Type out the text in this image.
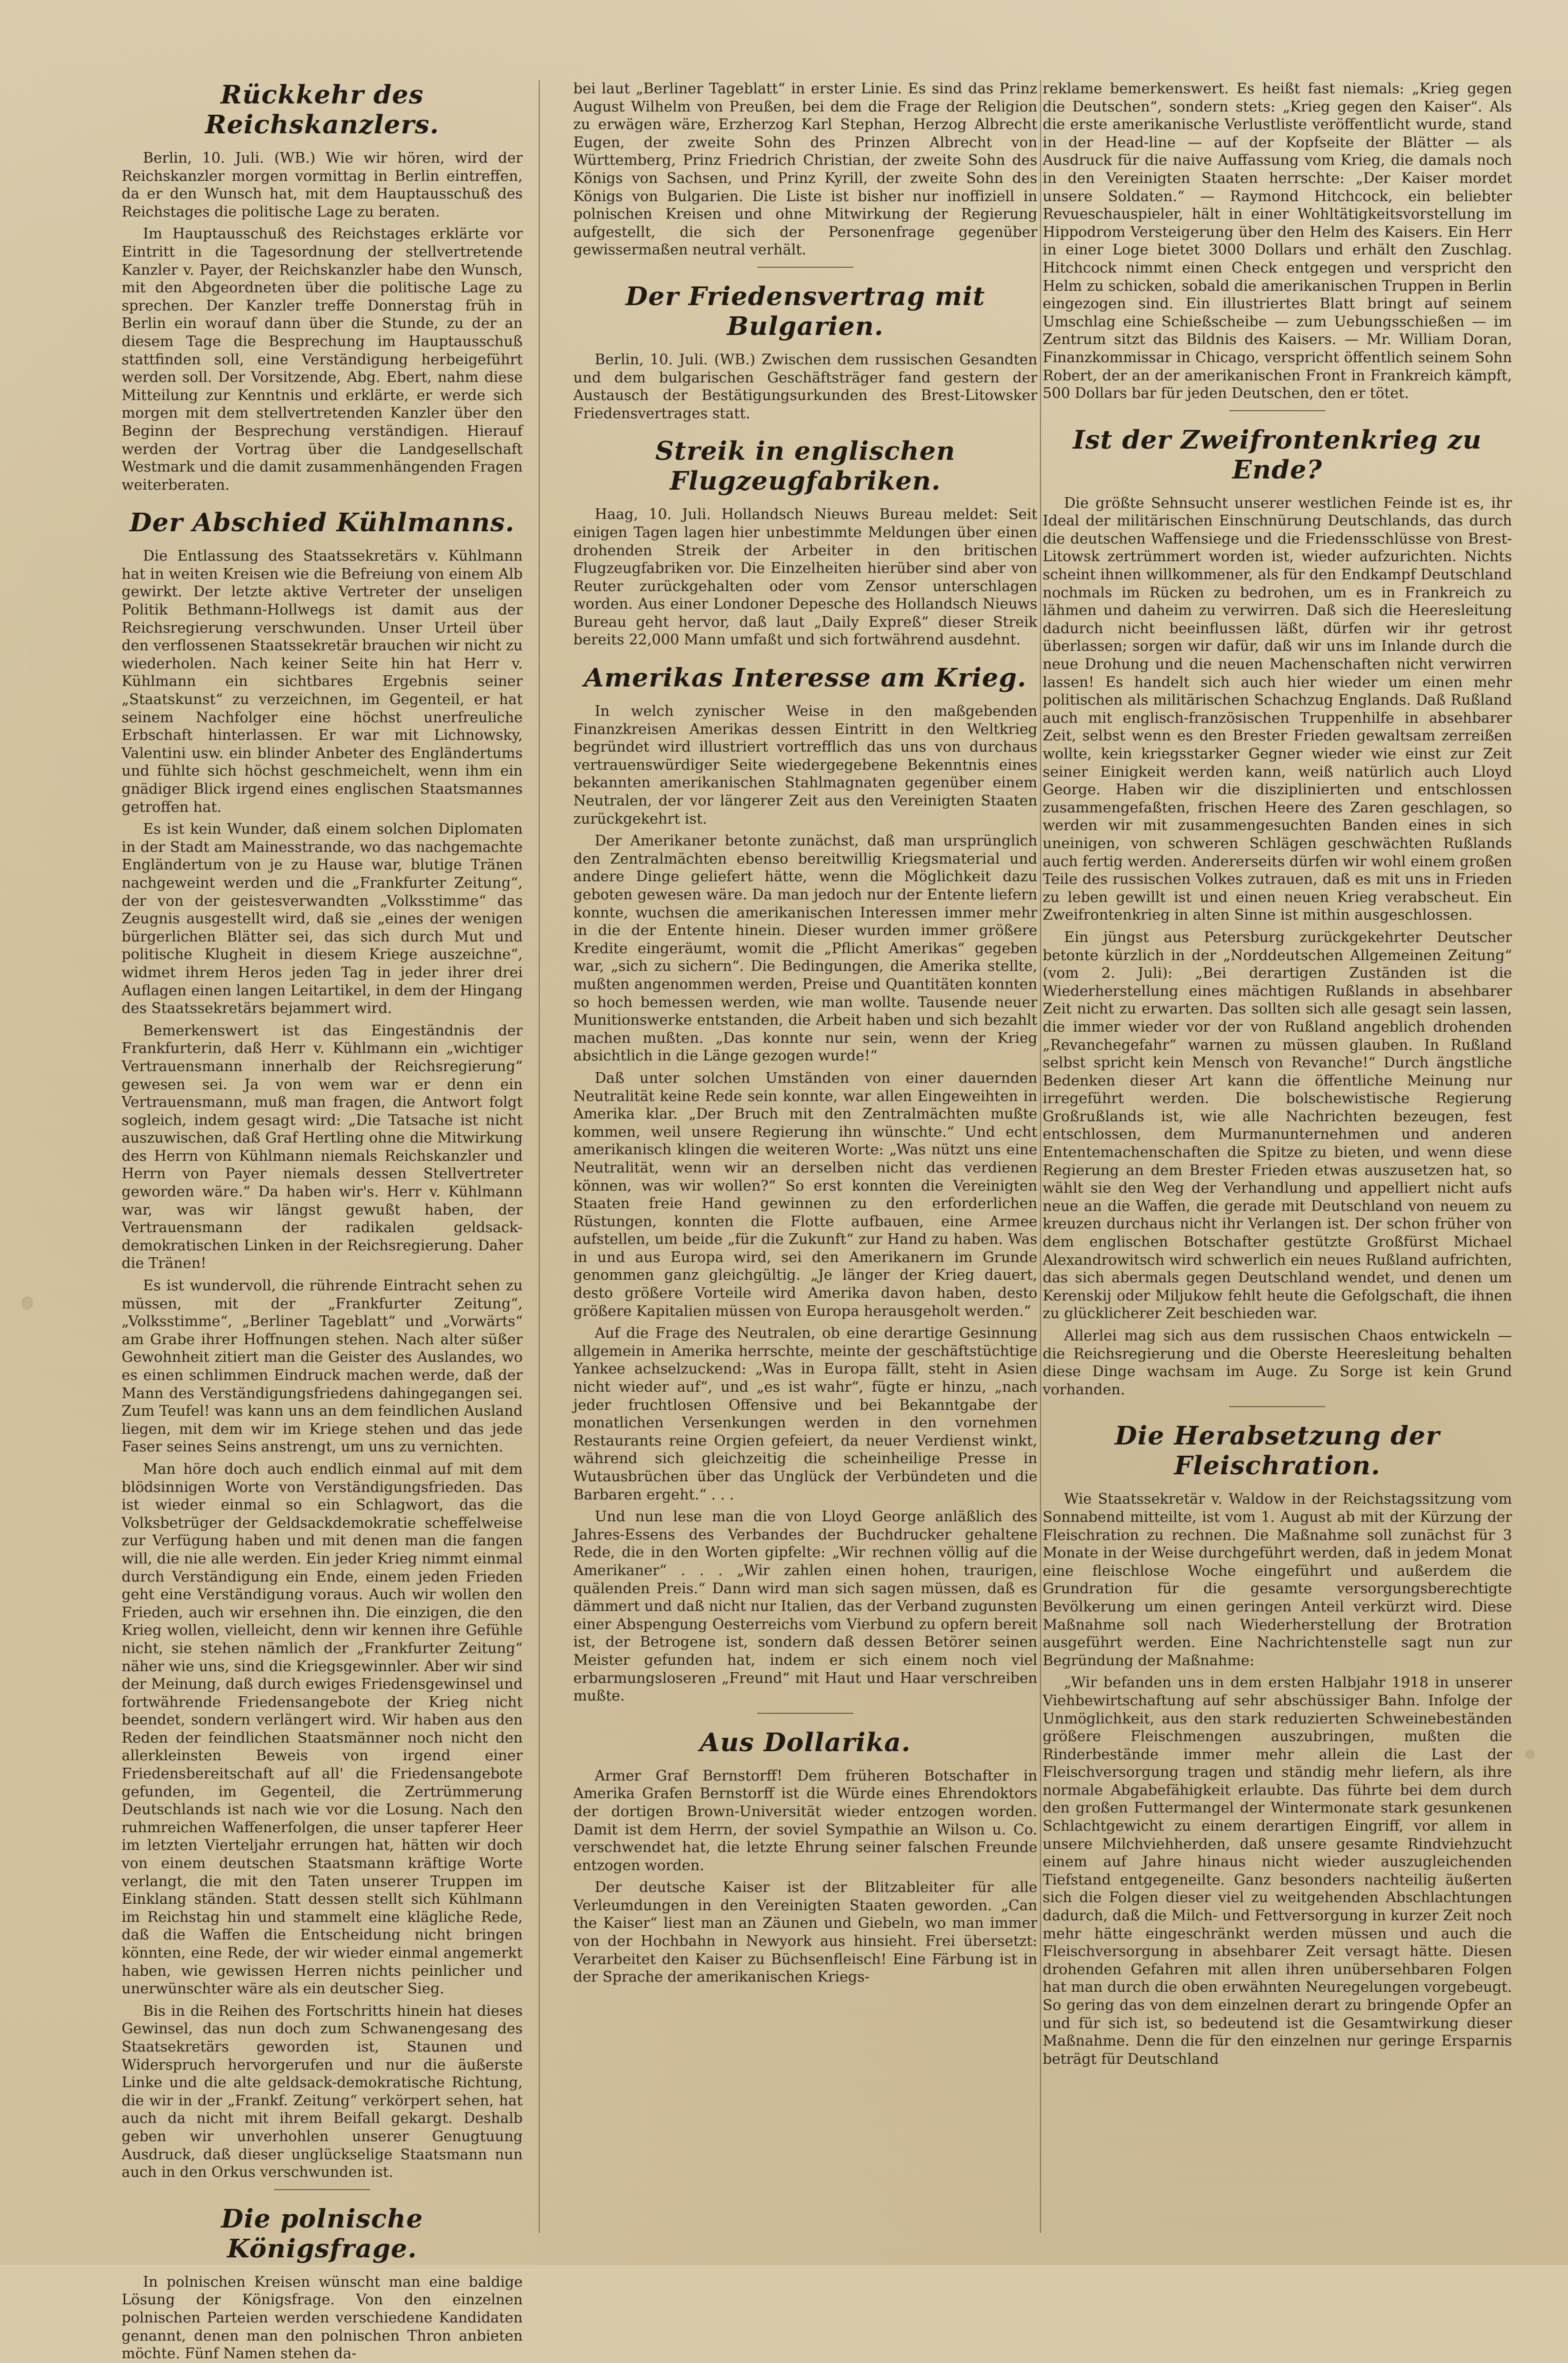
Rückkehr des Reichskanzlers.

Berlin, 10. Juli. (WB.) Wie wir hören, wird der Reichskanzler morgen vormittag in Berlin eintreffen, da er den Wunsch hat, mit dem Hauptausschuß des Reichstages die politische Lage zu beraten.

Im Hauptausschuß des Reichstages erklärte vor Eintritt in die Tagesordnung der stellvertretende Kanzler v. Payer, der Reichskanzler habe den Wunsch, mit den Abgeordneten über die politische Lage zu sprechen. Der Kanzler treffe Donnerstag früh in Berlin ein worauf dann über die Stunde, zu der an diesem Tage die Besprechung im Hauptausschuß stattfinden soll, eine Verständigung herbeigeführt werden soll. Der Vorsitzende, Abg. Ebert, nahm diese Mitteilung zur Kenntnis und erklärte, er werde sich morgen mit dem stellvertretenden Kanzler über den Beginn der Besprechung verständigen. Hierauf werden der Vortrag über die Landgesellschaft Westmark und die damit zusammenhängenden Fragen weiterberaten.

Der Abschied Kühlmanns.

Die Entlassung des Staatssekretärs v. Kühlmann hat in weiten Kreisen wie die Befreiung von einem Alb gewirkt. Der letzte aktive Vertreter der unseligen Politik Bethmann-Hollwegs ist damit aus der Reichsregierung verschwunden. Unser Urteil über den verflossenen Staatssekretär brauchen wir nicht zu wiederholen. Nach keiner Seite hin hat Herr v. Kühlmann ein sichtbares Ergebnis seiner „Staatskunst“ zu verzeichnen, im Gegenteil, er hat seinem Nachfolger eine höchst unerfreuliche Erbschaft hinterlassen. Er war mit Lichnowsky, Valentini usw. ein blinder Anbeter des Engländertums und fühlte sich höchst geschmeichelt, wenn ihm ein gnädiger Blick irgend eines englischen Staatsmannes getroffen hat.

Es ist kein Wunder, daß einem solchen Diplomaten in der Stadt am Mainesstrande, wo das nachgemachte Engländertum von je zu Hause war, blutige Tränen nachgeweint werden und die „Frankfurter Zeitung“, der von der geistesverwandten „Volksstimme“ das Zeugnis ausgestellt wird, daß sie „eines der wenigen bürgerlichen Blätter sei, das sich durch Mut und politische Klugheit in diesem Kriege auszeichne“, widmet ihrem Heros jeden Tag in jeder ihrer drei Auflagen einen langen Leitartikel, in dem der Hingang des Staatssekretärs bejammert wird.

Bemerkenswert ist das Eingeständnis der Frankfurterin, daß Herr v. Kühlmann ein „wichtiger Vertrauensmann innerhalb der Reichsregierung“ gewesen sei. Ja von wem war er denn ein Vertrauensmann, muß man fragen, die Antwort folgt sogleich, indem gesagt wird: „Die Tatsache ist nicht auszuwischen, daß Graf Hertling ohne die Mitwirkung des Herrn von Kühlmann niemals Reichskanzler und Herrn von Payer niemals dessen Stellvertreter geworden wäre.“ Da haben wir's. Herr v. Kühlmann war, was wir längst gewußt haben, der Vertrauensmann der radikalen geldsack-demokratischen Linken in der Reichsregierung. Daher die Tränen!

Es ist wundervoll, die rührende Eintracht sehen zu müssen, mit der „Frankfurter Zeitung“, „Volksstimme“, „Berliner Tageblatt“ und „Vorwärts“ am Grabe ihrer Hoffnungen stehen. Nach alter süßer Gewohnheit zitiert man die Geister des Auslandes, wo es einen schlimmen Eindruck machen werde, daß der Mann des Verständigungsfriedens dahingegangen sei. Zum Teufel! was kann uns an dem feindlichen Ausland liegen, mit dem wir im Kriege stehen und das jede Faser seines Seins anstrengt, um uns zu vernichten.

Man höre doch auch endlich einmal auf mit dem blödsinnigen Worte von Verständigungsfrieden. Das ist wieder einmal so ein Schlagwort, das die Volksbetrüger der Geldsackdemokratie scheffelweise zur Verfügung haben und mit denen man die fangen will, die nie alle werden. Ein jeder Krieg nimmt einmal durch Verständigung ein Ende, einem jeden Frieden geht eine Verständigung voraus. Auch wir wollen den Frieden, auch wir ersehnen ihn. Die einzigen, die den Krieg wollen, vielleicht, denn wir kennen ihre Gefühle nicht, sie stehen nämlich der „Frankfurter Zeitung“ näher wie uns, sind die Kriegsgewinnler. Aber wir sind der Meinung, daß durch ewiges Friedensgewinsel und fortwährende Friedensangebote der Krieg nicht beendet, sondern verlängert wird. Wir haben aus den Reden der feindlichen Staatsmänner noch nicht den allerkleinsten Beweis von irgend einer Friedensbereitschaft auf all' die Friedensangebote gefunden, im Gegenteil, die Zertrümmerung Deutschlands ist nach wie vor die Losung. Nach den ruhmreichen Waffenerfolgen, die unser tapferer Heer im letzten Vierteljahr errungen hat, hätten wir doch von einem deutschen Staatsmann kräftige Worte verlangt, die mit den Taten unserer Truppen im Einklang ständen. Statt dessen stellt sich Kühlmann im Reichstag hin und stammelt eine klägliche Rede, daß die Waffen die Entscheidung nicht bringen könnten, eine Rede, der wir wieder einmal angemerkt haben, wie gewissen Herren nichts peinlicher und unerwünschter wäre als ein deutscher Sieg.

Bis in die Reihen des Fortschritts hinein hat dieses Gewinsel, das nun doch zum Schwanengesang des Staatsekretärs geworden ist, Staunen und Widerspruch hervorgerufen und nur die äußerste Linke und die alte geldsack-demokratische Richtung, die wir in der „Frankf. Zeitung“ verkörpert sehen, hat auch da nicht mit ihrem Beifall gekargt. Deshalb geben wir unverhohlen unserer Genugtuung Ausdruck, daß dieser unglückselige Staatsmann nun auch in den Orkus verschwunden ist.

Die polnische Königsfrage.

In polnischen Kreisen wünscht man eine baldige Lösung der Königsfrage. Von den einzelnen polnischen Parteien werden verschiedene Kandidaten genannt, denen man den polnischen Thron anbieten möchte. Fünf Namen stehen da-

bei laut „Berliner Tageblatt“ in erster Linie. Es sind das Prinz August Wilhelm von Preußen, bei dem die Frage der Religion zu erwägen wäre, Erzherzog Karl Stephan, Herzog Albrecht Eugen, der zweite Sohn des Prinzen Albrecht von Württemberg, Prinz Friedrich Christian, der zweite Sohn des Königs von Sachsen, und Prinz Kyrill, der zweite Sohn des Königs von Bulgarien. Die Liste ist bisher nur inoffiziell in polnischen Kreisen und ohne Mitwirkung der Regierung aufgestellt, die sich der Personenfrage gegenüber gewissermaßen neutral verhält.

Der Friedensvertrag mit Bulgarien.

Berlin, 10. Juli. (WB.) Zwischen dem russischen Gesandten und dem bulgarischen Geschäftsträger fand gestern der Austausch der Bestätigungsurkunden des Brest-Litowsker Friedensvertrages statt.

Streik in englischen Flugzeugfabriken.

Haag, 10. Juli. Hollandsch Nieuws Bureau meldet: Seit einigen Tagen lagen hier unbestimmte Meldungen über einen drohenden Streik der Arbeiter in den britischen Flugzeugfabriken vor. Die Einzelheiten hierüber sind aber von Reuter zurückgehalten oder vom Zensor unterschlagen worden. Aus einer Londoner Depesche des Hollandsch Nieuws Bureau geht hervor, daß laut „Daily Expreß“ dieser Streik bereits 22,000 Mann umfaßt und sich fortwährend ausdehnt.

Amerikas Interesse am Krieg.

In welch zynischer Weise in den maßgebenden Finanzkreisen Amerikas dessen Eintritt in den Weltkrieg begründet wird illustriert vortrefflich das uns von durchaus vertrauenswürdiger Seite wiedergegebene Bekenntnis eines bekannten amerikanischen Stahlmagnaten gegenüber einem Neutralen, der vor längerer Zeit aus den Vereinigten Staaten zurückgekehrt ist.

Der Amerikaner betonte zunächst, daß man ursprünglich den Zentralmächten ebenso bereitwillig Kriegsmaterial und andere Dinge geliefert hätte, wenn die Möglichkeit dazu geboten gewesen wäre. Da man jedoch nur der Entente liefern konnte, wuchsen die amerikanischen Interessen immer mehr in die der Entente hinein. Dieser wurden immer größere Kredite eingeräumt, womit die „Pflicht Amerikas“ gegeben war, „sich zu sichern“. Die Bedingungen, die Amerika stellte, mußten angenommen werden, Preise und Quantitäten konnten so hoch bemessen werden, wie man wollte. Tausende neuer Munitionswerke entstanden, die Arbeit haben und sich bezahlt machen mußten. „Das konnte nur sein, wenn der Krieg absichtlich in die Länge gezogen wurde!“

Daß unter solchen Umständen von einer dauernden Neutralität keine Rede sein konnte, war allen Eingeweihten in Amerika klar. „Der Bruch mit den Zentralmächten mußte kommen, weil unsere Regierung ihn wünschte.“ Und echt amerikanisch klingen die weiteren Worte: „Was nützt uns eine Neutralität, wenn wir an derselben nicht das verdienen können, was wir wollen?“ So erst konnten die Vereinigten Staaten freie Hand gewinnen zu den erforderlichen Rüstungen, konnten die Flotte aufbauen, eine Armee aufstellen, um beide „für die Zukunft“ zur Hand zu haben. Was in und aus Europa wird, sei den Amerikanern im Grunde genommen ganz gleichgültig. „Je länger der Krieg dauert, desto größere Vorteile wird Amerika davon haben, desto größere Kapitalien müssen von Europa herausgeholt werden.“

Auf die Frage des Neutralen, ob eine derartige Gesinnung allgemein in Amerika herrschte, meinte der geschäftstüchtige Yankee achselzuckend: „Was in Europa fällt, steht in Asien nicht wieder auf“, und „es ist wahr“, fügte er hinzu, „nach jeder fruchtlosen Offensive und bei Bekanntgabe der monatlichen Versenkungen werden in den vornehmen Restaurants reine Orgien gefeiert, da neuer Verdienst winkt, während sich gleichzeitig die scheinheilige Presse in Wutausbrüchen über das Unglück der Verbündeten und die Barbaren ergeht.“ . . .

Und nun lese man die von Lloyd George anläßlich des Jahres-Essens des Verbandes der Buchdrucker gehaltene Rede, die in den Worten gipfelte: „Wir rechnen völlig auf die Amerikaner“ . . . „Wir zahlen einen hohen, traurigen, quälenden Preis.“ Dann wird man sich sagen müssen, daß es dämmert und daß nicht nur Italien, das der Verband zugunsten einer Abspengung Oesterreichs vom Vierbund zu opfern bereit ist, der Betrogene ist, sondern daß dessen Betörer seinen Meister gefunden hat, indem er sich einem noch viel erbarmungsloseren „Freund“ mit Haut und Haar verschreiben mußte.

Aus Dollarika.

Armer Graf Bernstorff! Dem früheren Botschafter in Amerika Grafen Bernstorff ist die Würde eines Ehrendoktors der dortigen Brown-Universität wieder entzogen worden. Damit ist dem Herrn, der soviel Sympathie an Wilson u. Co. verschwendet hat, die letzte Ehrung seiner falschen Freunde entzogen worden.

Der deutsche Kaiser ist der Blitzableiter für alle Verleumdungen in den Vereinigten Staaten geworden. „Can the Kaiser“ liest man an Zäunen und Giebeln, wo man immer von der Hochbahn in Newyork aus hinsieht. Frei übersetzt: Verarbeitet den Kaiser zu Büchsenfleisch! Eine Färbung ist in der Sprache der amerikanischen Kriegs-

reklame bemerkenswert. Es heißt fast niemals: „Krieg gegen die Deutschen“, sondern stets: „Krieg gegen den Kaiser“. Als die erste amerikanische Verlustliste veröffentlicht wurde, stand in der Head-line — auf der Kopfseite der Blätter — als Ausdruck für die naive Auffassung vom Krieg, die damals noch in den Vereinigten Staaten herrschte: „Der Kaiser mordet unsere Soldaten.“ — Raymond Hitchcock, ein beliebter Revueschauspieler, hält in einer Wohltätigkeitsvorstellung im Hippodrom Versteigerung über den Helm des Kaisers. Ein Herr in einer Loge bietet 3000 Dollars und erhält den Zuschlag. Hitchcock nimmt einen Check entgegen und verspricht den Helm zu schicken, sobald die amerikanischen Truppen in Berlin eingezogen sind. Ein illustriertes Blatt bringt auf seinem Umschlag eine Schießscheibe — zum Uebungsschießen — im Zentrum sitzt das Bildnis des Kaisers. — Mr. William Doran, Finanzkommissar in Chicago, verspricht öffentlich seinem Sohn Robert, der an der amerikanischen Front in Frankreich kämpft, 500 Dollars bar für jeden Deutschen, den er tötet.

Ist der Zweifrontenkrieg zu Ende?

Die größte Sehnsucht unserer westlichen Feinde ist es, ihr Ideal der militärischen Einschnürung Deutschlands, das durch die deutschen Waffensiege und die Friedensschlüsse von Brest-Litowsk zertrümmert worden ist, wieder aufzurichten. Nichts scheint ihnen willkommener, als für den Endkampf Deutschland nochmals im Rücken zu bedrohen, um es in Frankreich zu lähmen und daheim zu verwirren. Daß sich die Heeresleitung dadurch nicht beeinflussen läßt, dürfen wir ihr getrost überlassen; sorgen wir dafür, daß wir uns im Inlande durch die neue Drohung und die neuen Machenschaften nicht verwirren lassen! Es handelt sich auch hier wieder um einen mehr politischen als militärischen Schachzug Englands. Daß Rußland auch mit englisch-französischen Truppenhilfe in absehbarer Zeit, selbst wenn es den Brester Frieden gewaltsam zerreißen wollte, kein kriegsstarker Gegner wieder wie einst zur Zeit seiner Einigkeit werden kann, weiß natürlich auch Lloyd George. Haben wir die disziplinierten und entschlossen zusammengefaßten, frischen Heere des Zaren geschlagen, so werden wir mit zusammengesuchten Banden eines in sich uneinigen, von schweren Schlägen geschwächten Rußlands auch fertig werden. Andererseits dürfen wir wohl einem großen Teile des russischen Volkes zutrauen, daß es mit uns in Frieden zu leben gewillt ist und einen neuen Krieg verabscheut. Ein Zweifrontenkrieg in alten Sinne ist mithin ausgeschlossen.

Ein jüngst aus Petersburg zurückgekehrter Deutscher betonte kürzlich in der „Norddeutschen Allgemeinen Zeitung“ (vom 2. Juli): „Bei derartigen Zuständen ist die Wiederherstellung eines mächtigen Rußlands in absehbarer Zeit nicht zu erwarten. Das sollten sich alle gesagt sein lassen, die immer wieder vor der von Rußland angeblich drohenden „Revanchegefahr“ warnen zu müssen glauben. In Rußland selbst spricht kein Mensch von Revanche!“ Durch ängstliche Bedenken dieser Art kann die öffentliche Meinung nur irregeführt werden. Die bolschewistische Regierung Großrußlands ist, wie alle Nachrichten bezeugen, fest entschlossen, dem Murmanunternehmen und anderen Ententemachenschaften die Spitze zu bieten, und wenn diese Regierung an dem Brester Frieden etwas auszusetzen hat, so wählt sie den Weg der Verhandlung und appelliert nicht aufs neue an die Waffen, die gerade mit Deutschland von neuem zu kreuzen durchaus nicht ihr Verlangen ist. Der schon früher von dem englischen Botschafter gestützte Großfürst Michael Alexandrowitsch wird schwerlich ein neues Rußland aufrichten, das sich abermals gegen Deutschland wendet, und denen um Kerenskij oder Miljukow fehlt heute die Gefolgschaft, die ihnen zu glücklicherer Zeit beschieden war.

Allerlei mag sich aus dem russischen Chaos entwickeln — die Reichsregierung und die Oberste Heeresleitung behalten diese Dinge wachsam im Auge. Zu Sorge ist kein Grund vorhanden.

Die Herabsetzung der Fleischration.

Wie Staatssekretär v. Waldow in der Reichstagssitzung vom Sonnabend mitteilte, ist vom 1. August ab mit der Kürzung der Fleischration zu rechnen. Die Maßnahme soll zunächst für 3 Monate in der Weise durchgeführt werden, daß in jedem Monat eine fleischlose Woche eingeführt und außerdem die Grundration für die gesamte versorgungsberechtigte Bevölkerung um einen geringen Anteil verkürzt wird. Diese Maßnahme soll nach Wiederherstellung der Brotration ausgeführt werden. Eine Nachrichtenstelle sagt nun zur Begründung der Maßnahme:

„Wir befanden uns in dem ersten Halbjahr 1918 in unserer Viehbewirtschaftung auf sehr abschüssiger Bahn. Infolge der Unmöglichkeit, aus den stark reduzierten Schweinebeständen größere Fleischmengen auszubringen, mußten die Rinderbestände immer mehr allein die Last der Fleischversorgung tragen und ständig mehr liefern, als ihre normale Abgabefähigkeit erlaubte. Das führte bei dem durch den großen Futtermangel der Wintermonate stark gesunkenen Schlachtgewicht zu einem derartigen Eingriff, vor allem in unsere Milchviehherden, daß unsere gesamte Rindviehzucht einem auf Jahre hinaus nicht wieder auszugleichenden Tiefstand entgegeneilte. Ganz besonders nachteilig äußerten sich die Folgen dieser viel zu weitgehenden Abschlachtungen dadurch, daß die Milch- und Fettversorgung in kurzer Zeit noch mehr hätte eingeschränkt werden müssen und auch die Fleischversorgung in absehbarer Zeit versagt hätte. Diesen drohenden Gefahren mit allen ihren unübersehbaren Folgen hat man durch die oben erwähnten Neuregelungen vorgebeugt. So gering das von dem einzelnen derart zu bringende Opfer an und für sich ist, so bedeutend ist die Gesamtwirkung dieser Maßnahme. Denn die für den einzelnen nur geringe Ersparnis beträgt für Deutschland
